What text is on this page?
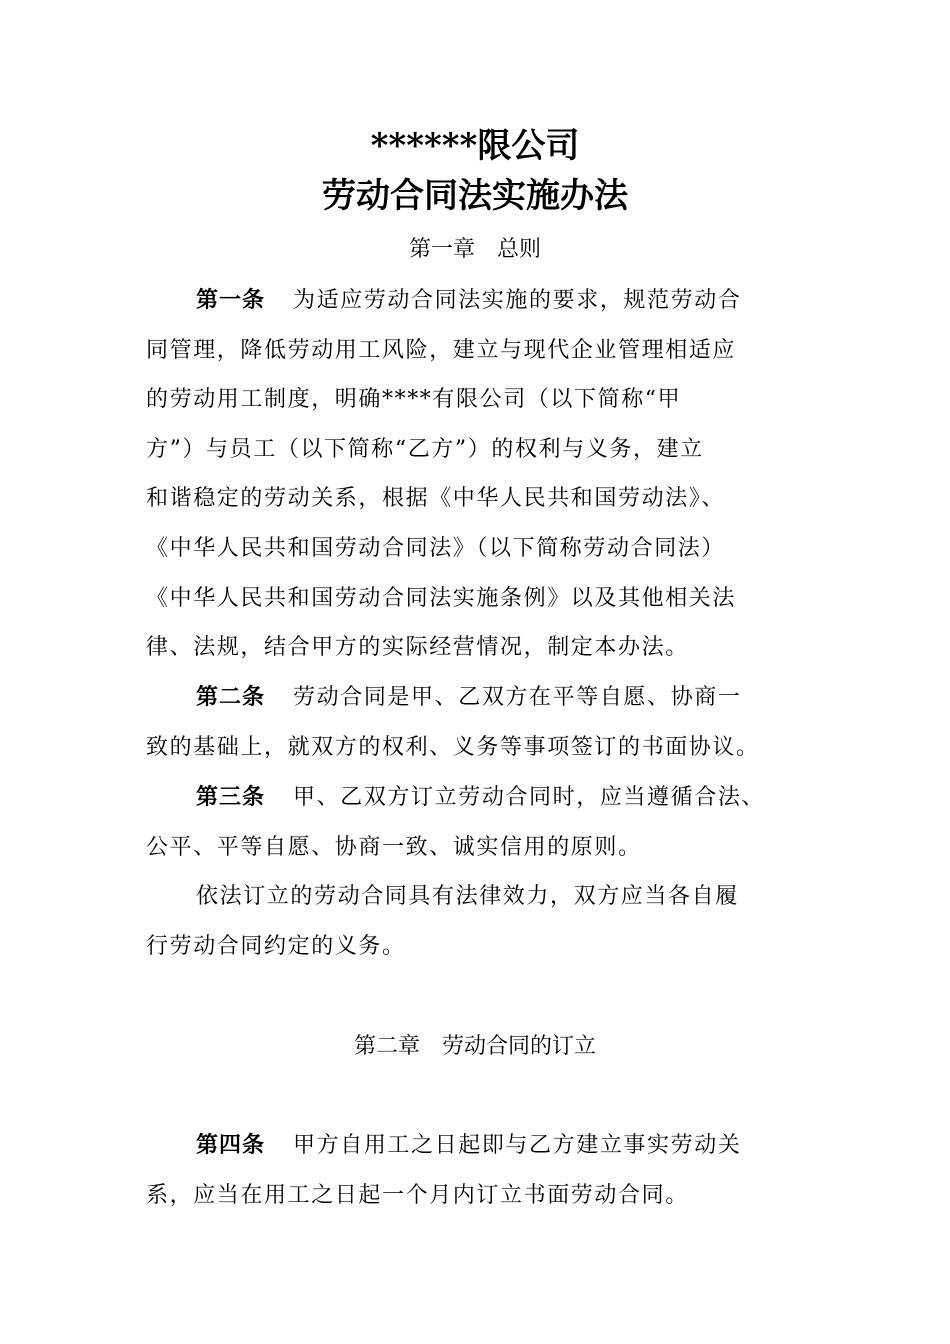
******限公司
劳动合同法实施办法
第一章　总则
第一条 为适应劳动合同法实施的要求，规范劳动合
同管理，降低劳动用工风险，建立与现代企业管理相适应
的劳动用工制度，明确****有限公司（以下简称“甲
方”）与员工（以下简称“乙方”）的权利与义务，建立
和谐稳定的劳动关系，根据《中华人民共和国劳动法》、
《中华人民共和国劳动合同法》（以下简称劳动合同法）
《中华人民共和国劳动合同法实施条例》以及其他相关法
律、法规，结合甲方的实际经营情况，制定本办法。
第二条 劳动合同是甲、乙双方在平等自愿、协商一
致的基础上，就双方的权利、义务等事项签订的书面协议。
第三条 甲、乙双方订立劳动合同时，应当遵循合法、
公平、平等自愿、协商一致、诚实信用的原则。
依法订立的劳动合同具有法律效力，双方应当各自履
行劳动合同约定的义务。
第二章　劳动合同的订立
第四条 甲方自用工之日起即与乙方建立事实劳动关
系，应当在用工之日起一个月内订立书面劳动合同。
